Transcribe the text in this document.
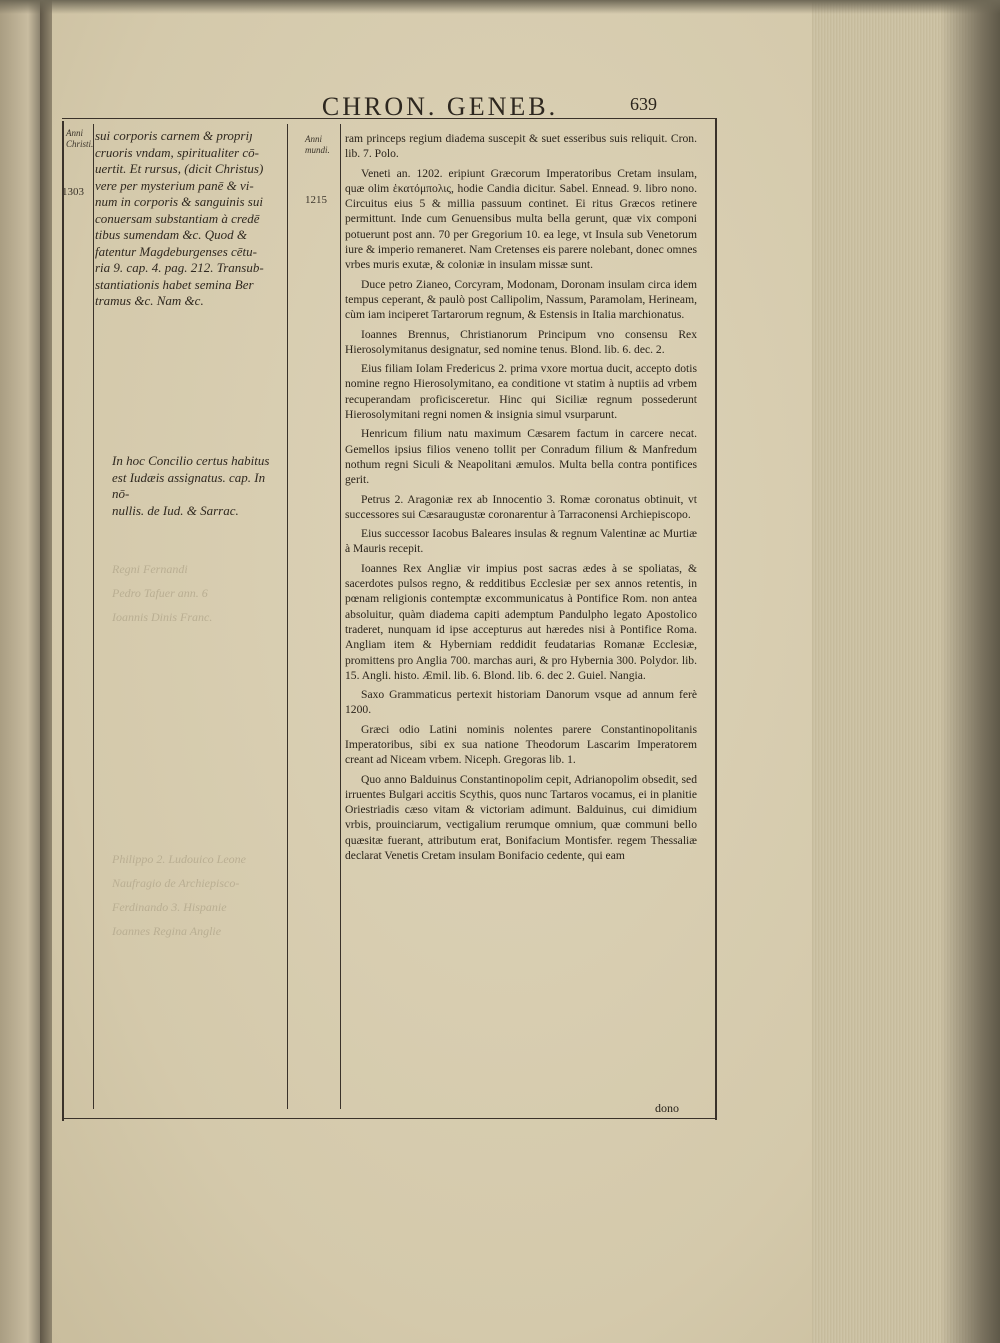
CHRON. GENEB.	639
Anni Christi.
1303
Anni mundi.
1215

sui corporis carnem & propriȷ

cruoris vndam, spiritualiter cō-

uertit. Et rursus, (dicit Christus)

vere per mysterium panē & vi-

num in corporis & sanguinis sui

conuersam substantiam à credē

tibus sumendam &c. Quod &

fatentur Magdeburgenses cētu-

ria 9. cap. 4. pag. 212. Transub-

stantiationis habet semina Ber

tramus &c. Nam &c.

In hoc Concilio certus habitus
est Iudæis assignatus. cap. In nō-
nullis. de Iud. & Sarrac.

Regni Fernandi

Pedro Tafuer ann. 6

Ioannis Dinis Franc.

Philippo 2. Ludouico Leone

Naufragio de Archiepisco-

Ferdinando 3. Hispanie

Ioannes Regina Anglie

ram princeps regium diadema suscepit & suet esseribus suis reliquit. Cron. lib. 7. Polo.

Veneti an. 1202. eripiunt Græcorum Imperatoribus Cretam insulam, quæ olim ἑκατόμπολις, hodie Candia dicitur. Sabel. Ennead. 9. libro nono. Circuitus eius 5 & millia passuum continet. Ei ritus Græcos retinere permittunt. Inde cum Genuensibus multa bella gerunt, quæ vix componi potuerunt post ann. 70 per Gregorium 10. ea lege, vt Insula sub Venetorum iure & imperio remaneret. Nam Cretenses eis parere nolebant, donec omnes vrbes muris exutæ, & coloniæ in insulam missæ sunt.

Duce petro Zianeo, Corcyram, Modonam, Doronam insulam circa idem tempus ceperant, & paulò post Callipolim, Nassum, Paramolam, Herineam, cùm iam inciperet Tartarorum regnum, & Estensis in Italia marchionatus.

Ioannes Brennus, Christianorum Principum vno consensu Rex Hierosolymitanus designatur, sed nomine tenus. Blond. lib. 6. dec. 2.

Eius filiam Iolam Fredericus 2. prima vxore mortua ducit, accepto dotis nomine regno Hierosolymitano, ea conditione vt statim à nuptiis ad vrbem recuperandam proficisceretur. Hinc qui Siciliæ regnum possederunt Hierosolymitani regni nomen & insignia simul vsurparunt.

Henricum filium natu maximum Cæsarem factum in carcere necat. Gemellos ipsius filios veneno tollit per Conradum filium & Manfredum nothum regni Siculi & Neapolitani æmulos. Multa bella contra pontifices gerit.

Petrus 2. Aragoniæ rex ab Innocentio 3. Romæ coronatus obtinuit, vt successores sui Cæsaraugustæ coronarentur à Tarraconensi Archiepiscopo.

Eius successor Iacobus Baleares insulas & regnum Valentinæ ac Murtiæ à Mauris recepit.

Ioannes Rex Angliæ vir impius post sacras ædes à se spoliatas, & sacerdotes pulsos regno, & redditibus Ecclesiæ per sex annos retentis, in pœnam religionis contemptæ excommunicatus à Pontifice Rom. non antea absoluitur, quàm diadema capiti ademptum Pandulpho legato Apostolico traderet, nunquam id ipse accepturus aut hæredes nisi à Pontifice Roma. Angliam item & Hyberniam reddidit feudatarias Romanæ Ecclesiæ, promittens pro Anglia 700. marchas auri, & pro Hybernia 300. Polydor. lib. 15. Angli. histo. Æmil. lib. 6. Blond. lib. 6. dec 2. Guiel. Nangia.

Saxo Grammaticus pertexit historiam Danorum vsque ad annum ferè 1200.

Græci odio Latini nominis nolentes parere Constantinopolitanis Imperatoribus, sibi ex sua natione Theodorum Lascarim Imperatorem creant ad Niceam vrbem. Niceph. Gregoras lib. 1.

Quo anno Balduinus Constantinopolim cepit, Adrianopolim obsedit, sed irruentes Bulgari accitis Scythis, quos nunc Tartaros vocamus, ei in planitie Oriestriadis cæso vitam & victoriam adimunt. Balduinus, cui dimidium vrbis, prouinciarum, vectigalium rerumque omnium, quæ communi bello quæsitæ fuerant, attributum erat, Bonifacium Montisfer. regem Thessaliæ declarat Venetis Cretam insulam Bonifacio cedente, qui eam

dono
